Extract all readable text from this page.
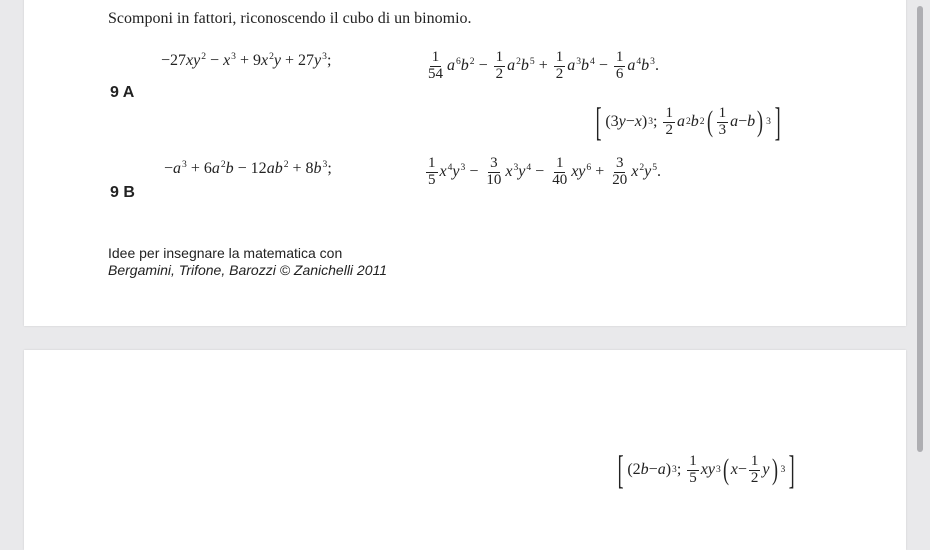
Scomponi in fattori, riconoscendo il cubo di un binomio.
9 A
$-27xy^2 - x^3 + 9x^2y + 27y^3$;	$\frac{1}{54} a^6b^2 - \frac{1}{2} a^2b^5 + \frac{1}{2} a^3b^4 - \frac{1}{6} a^4b^3$.
[ (3 y − x ) 3 ; $\frac{1}{2}$ a 2 b 2 ( $\frac{1}{3}$ a − b ) 3 ]
9 B
$-a^3 + 6a^2b - 12ab^2 + 8b^3$;	$\frac{1}{5} x^4y^3 - \frac{3}{10} x^3y^4 - \frac{1}{40} xy^6 + \frac{3}{20} x^2y^5$.
Idee per insegnare la matematica con
Bergamini, Trifone, Barozzi © Zanichelli 2011
[ (2 b − a ) 3 ; $\frac{1}{5}$ xy 3 ( $x - \frac{1}{2}$ y ) 3 ]
